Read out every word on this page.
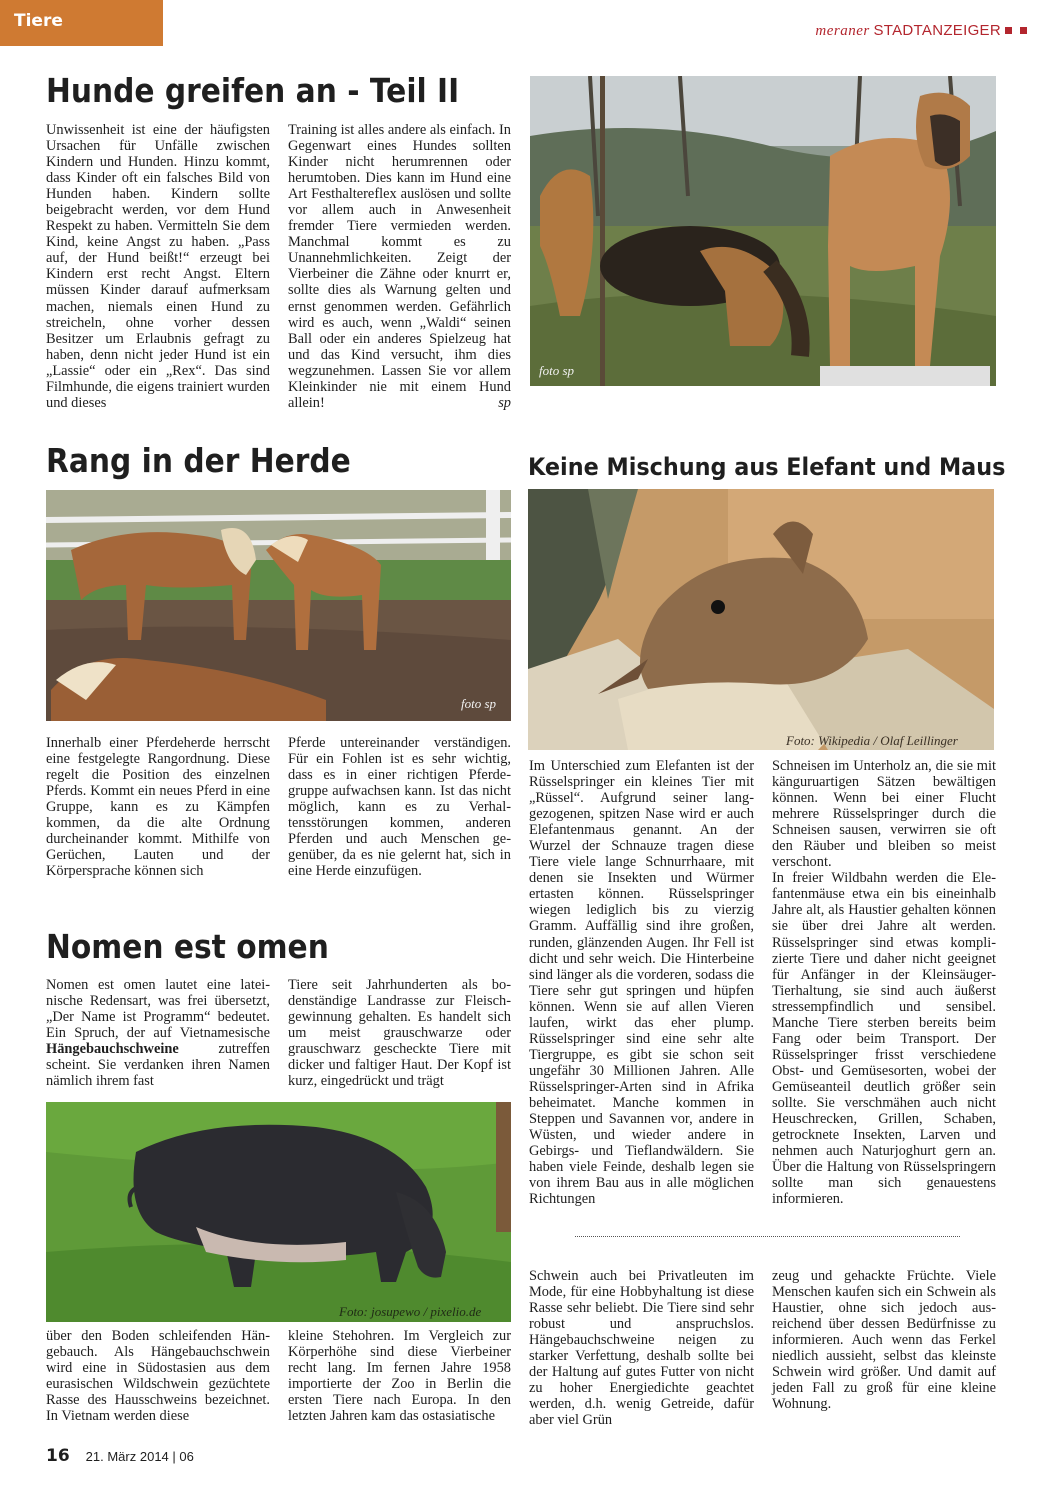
Tiere	meraner STADTANZEIGER
Hunde greifen an - Teil II
Unwissenheit ist eine der häufigsten Ursachen für Unfälle zwischen Kindern und Hunden. Hinzu kommt, dass Kinder oft ein falsches Bild von Hunden haben. Kindern sollte beigebracht werden, vor dem Hund Respekt zu haben. Vermitteln Sie dem Kind, keine Angst zu haben. „Pass auf, der Hund beißt!“ erzeugt bei Kindern erst recht Angst. Eltern müssen Kinder darauf aufmerksam machen, niemals einen Hund zu streicheln, ohne vorher dessen Besitzer um Erlaubnis gefragt zu haben, denn nicht jeder Hund ist ein „Lassie“ oder ein „Rex“. Das sind Filmhunde, die eigens trainiert wurden und dieses
Training ist alles andere als einfach. In Gegenwart eines Hundes sollten Kinder nicht herumrennen oder herumtoben. Dies kann im Hund eine Art Festhaltereflex auslösen und sollte vor allem auch in Anwesenheit fremder Tiere vermieden werden. Manchmal kommt es zu Unannehmlichkeiten. Zeigt der Vierbeiner die Zähne oder knurrt er, sollte dies als Warnung gelten und ernst genommen werden. Gefährlich wird es auch, wenn „Waldi“ seinen Ball oder ein anderes Spielzeug hat und das Kind versucht, ihm dies wegzunehmen. Lassen Sie vor allem Kleinkinder nie mit einem Hund allein!	sp
foto sp
Rang in der Herde
foto sp
Innerhalb einer Pferdeherde herrscht eine festgelegte Rangordnung. Diese regelt die Position des einzelnen Pferds. Kommt ein neues Pferd in eine Gruppe, kann es zu Kämpfen kommen, da die alte Ordnung durcheinander kommt. Mithilfe von Gerüchen, Lauten und der Körpersprache können sich
Pferde untereinander verständigen. Für ein Fohlen ist es sehr wichtig, dass es in einer richtigen Pferdegruppe aufwachsen kann. Ist das nicht möglich, kann es zu Verhaltensstörungen kommen, anderen Pferden und auch Menschen gegenüber, da es nie gelernt hat, sich in eine Herde einzufügen.
Keine Mischung aus Elefant und Maus
Foto: Wikipedia / Olaf Leillinger
Im Unterschied zum Elefanten ist der Rüsselspringer ein kleines Tier mit „Rüssel“. Aufgrund seiner langgezogenen, spitzen Nase wird er auch Elefantenmaus genannt. An der Wurzel der Schnauze tragen diese Tiere viele lange Schnurrhaare, mit denen sie Insekten und Würmer ertasten können. Rüsselspringer wiegen lediglich bis zu vierzig Gramm. Auffällig sind ihre großen, runden, glänzenden Augen. Ihr Fell ist dicht und sehr weich. Die Hinterbeine sind länger als die vorderen, sodass die Tiere sehr gut springen und hüpfen können. Wenn sie auf allen Vieren laufen, wirkt das eher plump. Rüsselspringer sind eine sehr alte Tiergruppe, es gibt sie schon seit ungefähr 30 Millionen Jahren. Alle Rüsselspringer-Arten sind in Afrika beheimatet. Manche kommen in Steppen und Savannen vor, andere in Wüsten, und wieder andere in Gebirgs- und Tieflandwäldern. Sie haben viele Feinde, deshalb legen sie von ihrem Bau aus in alle möglichen Richtungen
Schneisen im Unterholz an, die sie mit känguruartigen Sätzen bewältigen können. Wenn bei einer Flucht mehrere Rüsselspringer durch die Schneisen sausen, verwirren sie oft den Räuber und bleiben so meist verschont.
In freier Wildbahn werden die Elefantenmäuse etwa ein bis eineinhalb Jahre alt, als Haustier gehalten können sie über drei Jahre alt werden. Rüsselspringer sind etwas komplizierte Tiere und daher nicht geeignet für Anfänger in der Kleinsäuger-Tierhaltung, sie sind auch äußerst stressempfindlich und sensibel. Manche Tiere sterben bereits beim Fang oder beim Transport. Der Rüsselspringer frisst verschiedene Obst- und Gemüsesorten, wobei der Gemüseanteil deutlich größer sein sollte. Sie verschmähen auch nicht Heuschrecken, Grillen, Schaben, getrocknete Insekten, Larven und nehmen auch Naturjoghurt gern an. Über die Haltung von Rüsselspringern sollte man sich genauestens informieren.
Nomen est omen
Nomen est omen lautet eine lateinische Redensart, was frei übersetzt, „Der Name ist Programm“ bedeutet. Ein Spruch, der auf Vietnamesische Hängebauchschweine zutreffen scheint. Sie verdanken ihren Namen nämlich ihrem fast
Tiere seit Jahrhunderten als bodenständige Landrasse zur Fleischgewinnung gehalten. Es handelt sich um meist grauschwarze oder grauschwarz gescheckte Tiere mit dicker und faltiger Haut. Der Kopf ist kurz, eingedrückt und trägt
Foto: josupewo / pixelio.de
über den Boden schleifenden Hängebauch. Als Hängebauchschwein wird eine in Südostasien aus dem eurasischen Wildschwein gezüchtete Rasse des Hausschweins bezeichnet. In Vietnam werden diese
kleine Stehohren. Im Vergleich zur Körperhöhe sind diese Vierbeiner recht lang. Im fernen Jahre 1958 importierte der Zoo in Berlin die ersten Tiere nach Europa. In den letzten Jahren kam das ostasiatische
Schwein auch bei Privatleuten im Mode, für eine Hobbyhaltung ist diese Rasse sehr beliebt. Die Tiere sind sehr robust und anspruchslos. Hängebauchschweine neigen zu starker Verfettung, deshalb sollte bei der Haltung auf gutes Futter von nicht zu hoher Energiedichte geachtet werden, d.h. wenig Getreide, dafür aber viel Grün
zeug und gehackte Früchte. Viele Menschen kaufen sich ein Schwein als Haustier, ohne sich jedoch ausreichend über dessen Bedürfnisse zu informieren. Auch wenn das Ferkel niedlich aussieht, selbst das kleinste Schwein wird größer. Und damit auf jeden Fall zu groß für eine kleine Wohnung.
16 21. März 2014 | 06
